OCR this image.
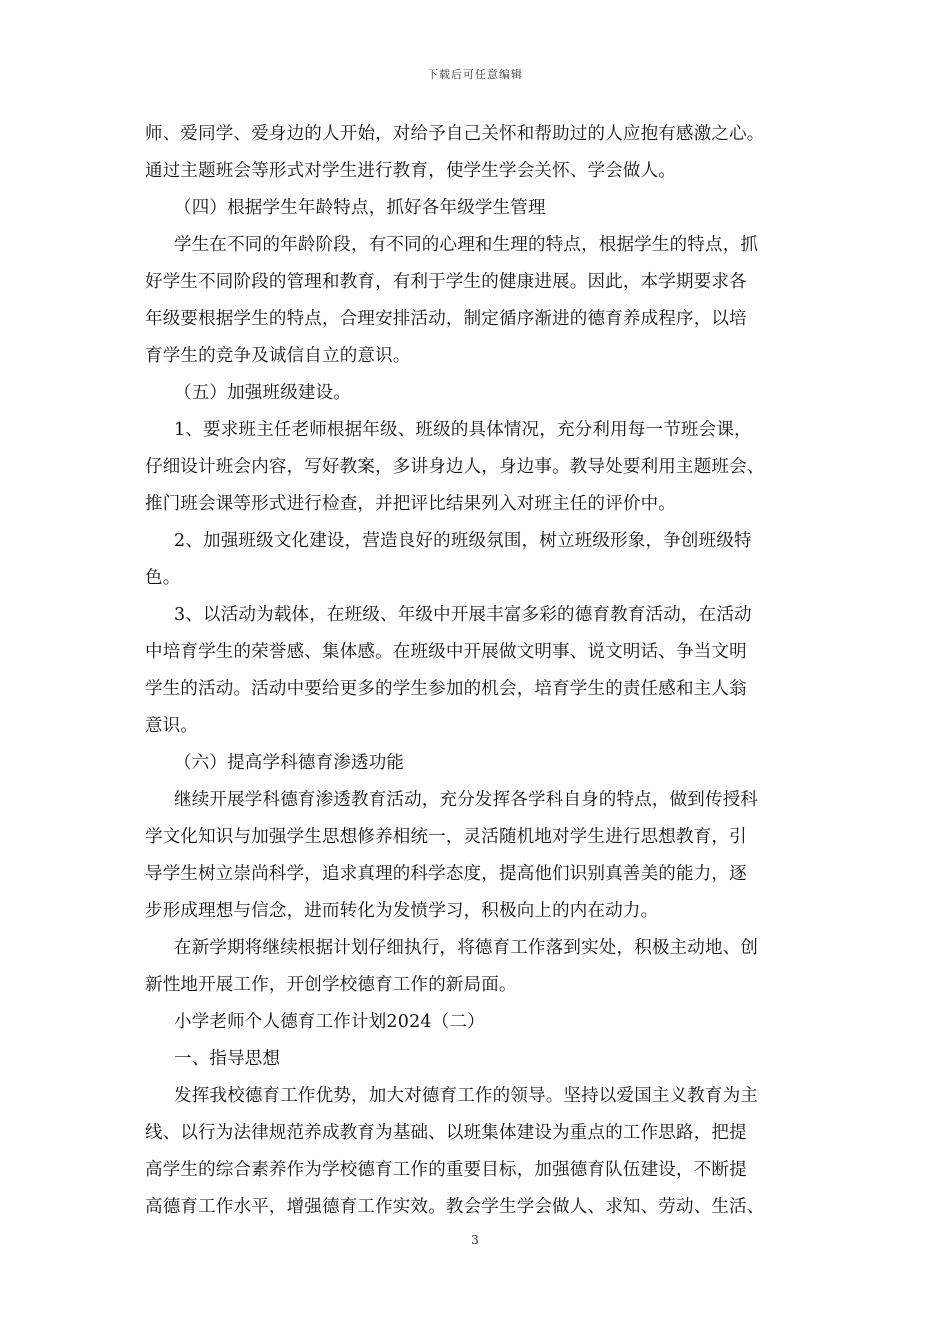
下载后可任意编辑
师、爱同学、爱身边的人开始，对给予自己关怀和帮助过的人应抱有感激之心。
通过主题班会等形式对学生进行教育，使学生学会关怀、学会做人。
（四）根据学生年龄特点，抓好各年级学生管理
学生在不同的年龄阶段，有不同的心理和生理的特点，根据学生的特点，抓
好学生不同阶段的管理和教育，有利于学生的健康进展。因此，本学期要求各
年级要根据学生的特点，合理安排活动，制定循序渐进的德育养成程序，以培
育学生的竞争及诚信自立的意识。
（五）加强班级建设。
1、要求班主任老师根据年级、班级的具体情况，充分利用每一节班会课，
仔细设计班会内容，写好教案，多讲身边人，身边事。教导处要利用主题班会、
推门班会课等形式进行检查，并把评比结果列入对班主任的评价中。
2、加强班级文化建设，营造良好的班级氛围，树立班级形象，争创班级特
色。
3、以活动为载体，在班级、年级中开展丰富多彩的德育教育活动，在活动
中培育学生的荣誉感、集体感。在班级中开展做文明事、说文明话、争当文明
学生的活动。活动中要给更多的学生参加的机会，培育学生的责任感和主人翁
意识。
（六）提高学科德育渗透功能
继续开展学科德育渗透教育活动，充分发挥各学科自身的特点，做到传授科
学文化知识与加强学生思想修养相统一，灵活随机地对学生进行思想教育，引
导学生树立崇尚科学，追求真理的科学态度，提高他们识别真善美的能力，逐
步形成理想与信念，进而转化为发愤学习，积极向上的内在动力。
在新学期将继续根据计划仔细执行，将德育工作落到实处，积极主动地、创
新性地开展工作，开创学校德育工作的新局面。
小学老师个人德育工作计划2024（二）
一、指导思想
发挥我校德育工作优势，加大对德育工作的领导。坚持以爱国主义教育为主
线、以行为法律规范养成教育为基础、以班集体建设为重点的工作思路，把提
高学生的综合素养作为学校德育工作的重要目标，加强德育队伍建设，不断提
高德育工作水平，增强德育工作实效。教会学生学会做人、求知、劳动、生活、
3
